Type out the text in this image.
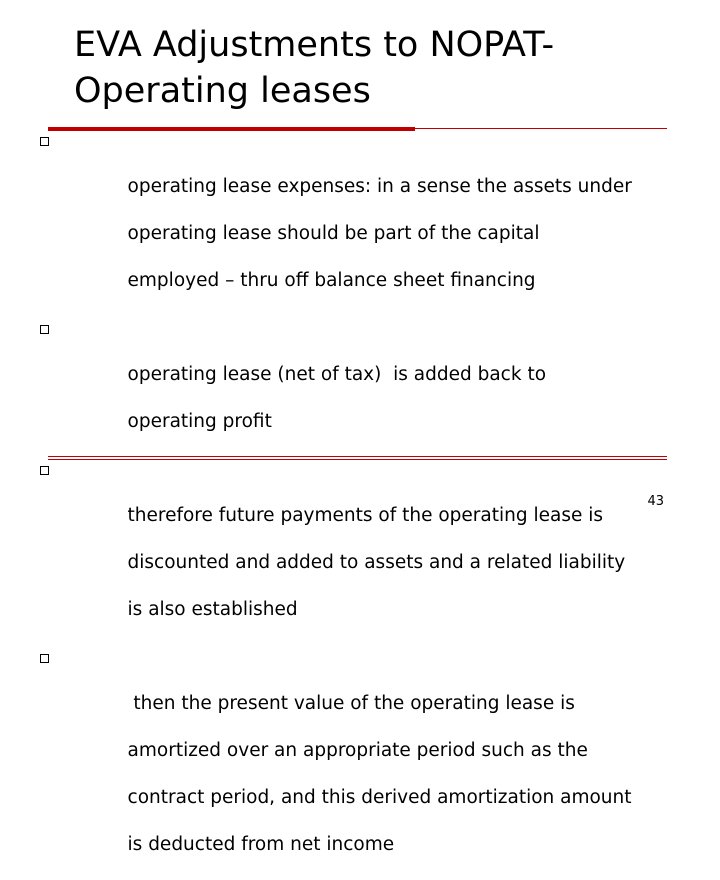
EVA Adjustments to NOPAT-
Operating leases

operating lease expenses: in a sense the assets under

operating lease should be part of the capital

employed – thru off balance sheet financing

operating lease (net of tax)  is added back to

operating profit

therefore future payments of the operating lease is

discounted and added to assets and a related liability

is also established

then the present value of the operating lease is

amortized over an appropriate period such as the

contract period, and this derived amortization amount

is deducted from net income

43
